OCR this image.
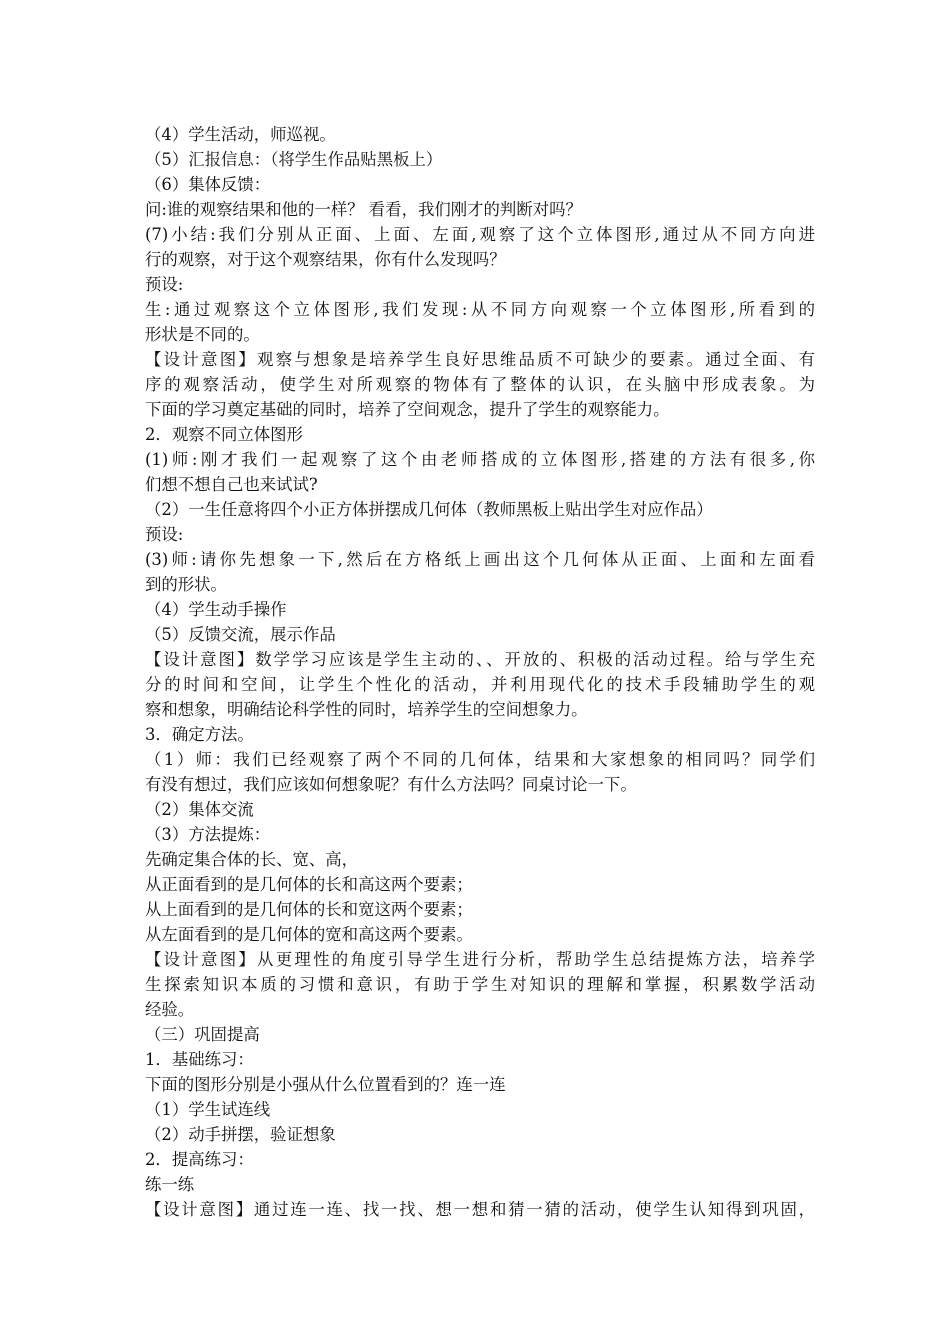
（4）学生活动，师巡视。
（5）汇报信息：（将学生作品贴黑板上）
（6）集体反馈：
问:谁的观察结果和他的一样？ 看看，我们刚才的判断对吗？
(7)小结:我们分别从正面、上面、左面,观察了这个立体图形,通过从不同方向进
行的观察，对于这个观察结果，你有什么发现吗？
预设:
生:通过观察这个立体图形,我们发现:从不同方向观察一个立体图形,所看到的
形状是不同的。
【设计意图】观察与想象是培养学生良好思维品质不可缺少的要素。通过全面、有
序的观察活动，使学生对所观察的物体有了整体的认识，在头脑中形成表象。为
下面的学习奠定基础的同时，培养了空间观念，提升了学生的观察能力。
2．观察不同立体图形
(1)师:刚才我们一起观察了这个由老师搭成的立体图形,搭建的方法有很多,你
们想不想自己也来试试?
（2）一生任意将四个小正方体拼摆成几何体（教师黑板上贴出学生对应作品）
预设:
(3)师:请你先想象一下,然后在方格纸上画出这个几何体从正面、上面和左面看
到的形状。
（4）学生动手操作
（5）反馈交流，展示作品
【设计意图】数学学习应该是学生主动的、、开放的、积极的活动过程。给与学生充
分的时间和空间，让学生个性化的活动，并利用现代化的技术手段辅助学生的观
察和想象，明确结论科学性的同时，培养学生的空间想象力。
3．确定方法。
（1）师：我们已经观察了两个不同的几何体，结果和大家想象的相同吗？同学们
有没有想过，我们应该如何想象呢？有什么方法吗？同桌讨论一下。
（2）集体交流
（3）方法提炼：
先确定集合体的长、宽、高，
从正面看到的是几何体的长和高这两个要素；
从上面看到的是几何体的长和宽这两个要素；
从左面看到的是几何体的宽和高这两个要素。
【设计意图】从更理性的角度引导学生进行分析，帮助学生总结提炼方法，培养学
生探索知识本质的习惯和意识，有助于学生对知识的理解和掌握，积累数学活动
经验。
（三）巩固提高
1．基础练习：
下面的图形分别是小强从什么位置看到的？连一连
（1）学生试连线
（2）动手拼摆，验证想象
2．提高练习：
练一练
【设计意图】通过连一连、找一找、想一想和猜一猜的活动，使学生认知得到巩固，
